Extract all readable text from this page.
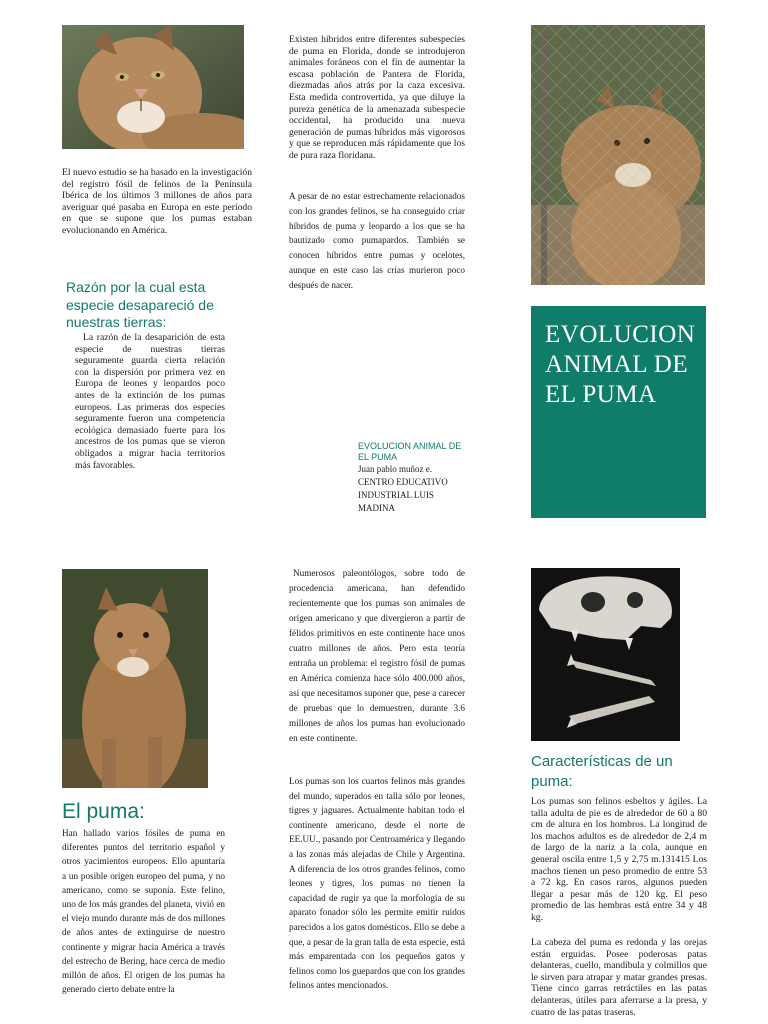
El nuevo estudio se ha basado en la investigación del registro fósil de felinos de la Península Ibérica de los últimos 3 millones de años para averiguar qué pasaba en Europa en este período en que se supone que los pumas estaban evolucionando en América.

Razón por la cual esta especie desapareció de nuestras tierras:

La razón de la desaparición de esta especie de nuestras tierras seguramente guarda cierta relación con la dispersión por primera vez en Europa de leones y leopardos poco antes de la extinción de los pumas europeos. Las primeras dos especies seguramente fueron una competencia ecológica demasiado fuerte para los ancestros de los pumas que se vieron obligados a migrar hacia territorios más favorables.

Existen híbridos entre diferentes subespecies de puma en Florida, donde se introdujeron animales foráneos con el fin de aumentar la escasa población de Pantera de Florida, diezmadas años atrás por la caza excesiva. Esta medida controvertida, ya que diluye la pureza genética de la amenazada subespecie occidental, ha producido una nueva generación de pumas híbridos más vigorosos y que se reproducen más rápidamente que los de pura raza floridana.

A pesar de no estar estrechamente relacionados con los grandes felinos, se ha conseguido criar híbridos de puma y leopardo a los que se ha bautizado como pumapardos. También se conocen híbridos entre pumas y ocelotes, aunque en este caso las crías murieron poco después de nacer.

EVOLUCION ANIMAL DE EL PUMA

Juan pablo muñoz e.

CENTRO EDUCATIVO INDUSTRIAL LUIS MADINA

EVOLUCION ANIMAL DE EL PUMA
El puma:

Han hallado varios fósiles de puma en diferentes puntos del territorio español y otros yacimientos europeos. Ello apuntaría a un posible origen europeo del puma, y no americano, como se suponía. Este felino, uno de los más grandes del planeta, vivió en el viejo mundo durante más de dos millones de años antes de extinguirse de nuestro continente y migrar hacia América a través del estrecho de Bering, hace cerca de medio millón de años. El origen de los pumas ha generado cierto debate entre la

Numerosos paleontólogos, sobre todo de procedencia americana, han defendido recientemente que los pumas son animales de origen americano y que divergieron a partir de félidos primitivos en este continente hace unos cuatro millones de años. Pero esta teoría entraña un problema: el registro fósil de pumas en América comienza hace sólo 400.000 años, así que necesitamos suponer que, pese a carecer de pruebas que lo demuestren, durante 3.6 millones de años los pumas han evolucionado en este continente.

Los pumas son los cuartos felinos más grandes del mundo, superados en talla sólo por leones, tigres y jaguares. Actualmente habitan todo el continente americano, desde el norte de EE.UU., pasando por Centroamérica y llegando a las zonas más alejadas de Chile y Argentina. A diferencia de los otros grandes felinos, como leones y tigres, los pumas no tienen la capacidad de rugir ya que la morfología de su aparato fonador sólo les permite emitir ruidos parecidos a los gatos domésticos. Ello se debe a que, a pesar de la gran talla de esta especie, está más emparentada con los pequeños gatos y felinos como los guepardos que con los grandes felinos antes mencionados.

Características de un puma:

Los pumas son felinos esbeltos y ágiles. La talla adulta de pie es de alrededor de 60 a 80 cm de altura en los hombros. La longitud de los machos adultos es de alrededor de 2,4 m de largo de la nariz a la cola, aunque en general oscila entre 1,5 y 2,75 m.131415 Los machos tienen un peso promedio de entre 53 a 72 kg. En casos raros, algunos pueden llegar a pesar más de 120 kg. El peso promedio de las hembras está entre 34 y 48 kg.

La cabeza del puma es redonda y las orejas están erguidas. Posee poderosas patas delanteras, cuello, mandíbula y colmillos que le sirven para atrapar y matar grandes presas. Tiene cinco garras retráctiles en las patas delanteras, útiles para aferrarse a la presa, y cuatro de las patas traseras.
